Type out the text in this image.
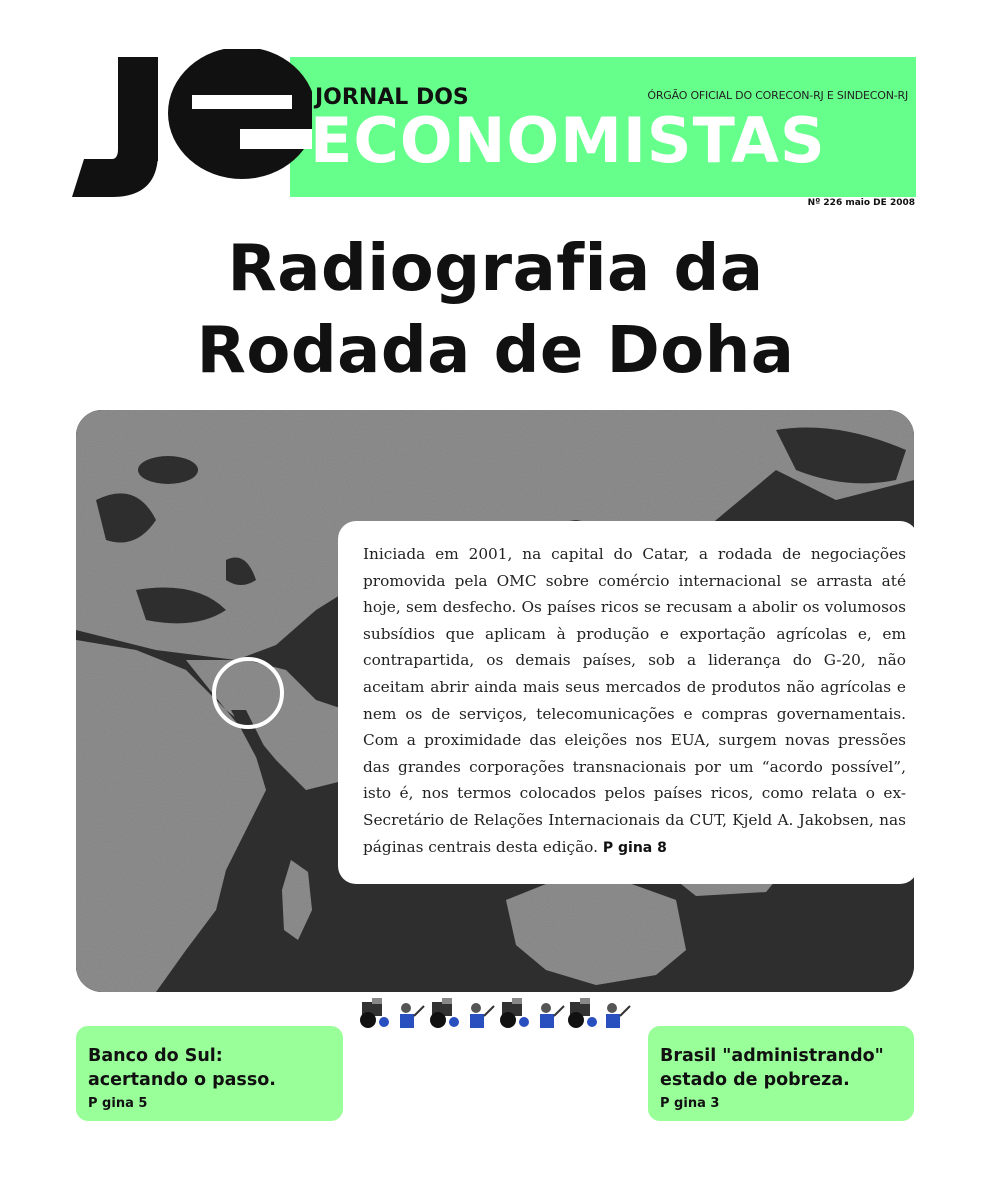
JORNAL DOS
ECONOMISTAS
ÓRGÃO OFICIAL DO CORECON-RJ E SINDECON-RJ
Nº 226 maio DE 2008
Radiografia da
Rodada de Doha

Iniciada em 2001, na capital do Catar, a rodada de negociações promovida pela OMC sobre comércio internacional se arrasta até hoje, sem desfecho. Os países ricos se recusam a abolir os volumosos subsídios que aplicam à produção e exportação agrícolas e, em contrapartida, os demais países, sob a liderança do G-20, não aceitam abrir ainda mais seus mercados de produtos não agrícolas e nem os de serviços, telecomunicações e compras governamentais. Com a proximidade das eleições nos EUA, surgem novas pressões das grandes corporações transnacionais por um “acordo possível”, isto é, nos termos colocados pelos países ricos, como relata o ex-Secretário de Relações Internacionais da CUT, Kjeld A. Jakobsen, nas páginas centrais desta edição. P gina 8

Banco do Sul:
acertando o passo.
P gina 5
Brasil "administrando"
estado de pobreza.
P gina 3
